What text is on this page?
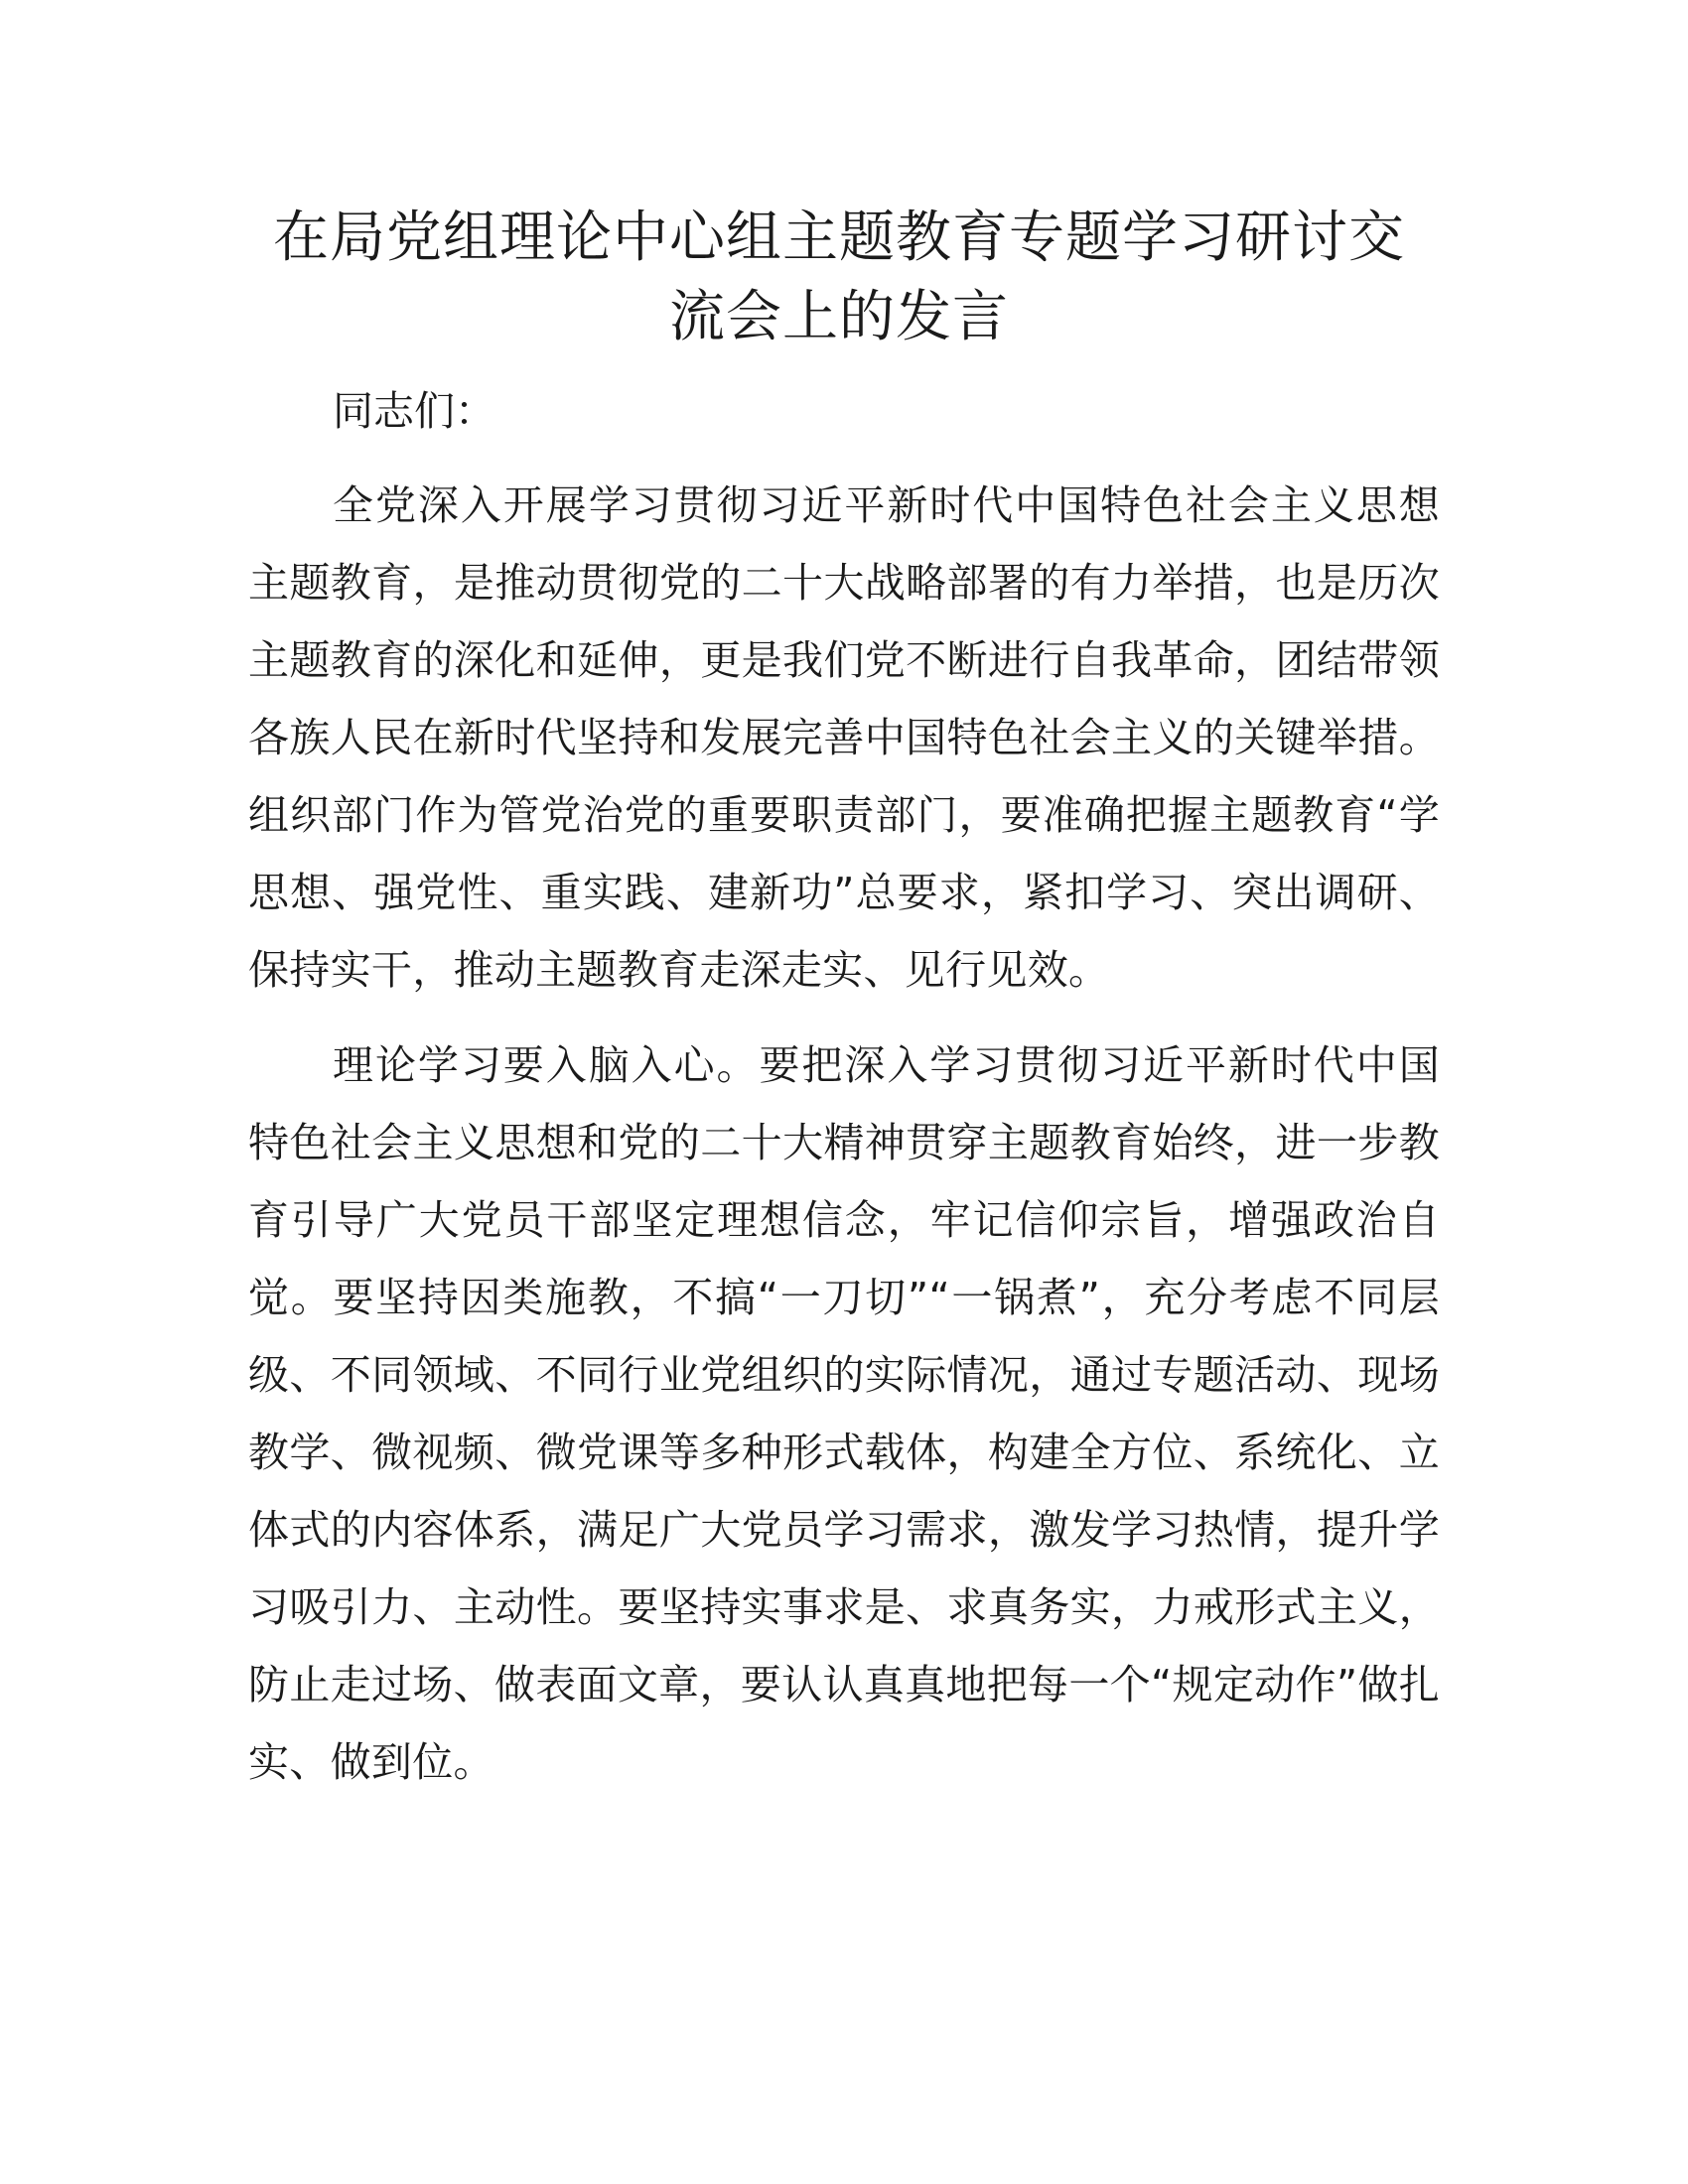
在局党组理论中心组主题教育专题学习研讨交流会上的发言

同志们：

全党深入开展学习贯彻习近平新时代中国特色社会主义思想主题教育，是推动贯彻党的二十大战略部署的有力举措，也是历次主题教育的深化和延伸，更是我们党不断进行自我革命，团结带领各族人民在新时代坚持和发展完善中国特色社会主义的关键举措。组织部门作为管党治党的重要职责部门，要准确把握主题教育“学思想、强党性、重实践、建新功”总要求，紧扣学习、突出调研、保持实干，推动主题教育走深走实、见行见效。

理论学习要入脑入心。要把深入学习贯彻习近平新时代中国特色社会主义思想和党的二十大精神贯穿主题教育始终，进一步教育引导广大党员干部坚定理想信念，牢记信仰宗旨，增强政治自觉。要坚持因类施教，不搞“一刀切”“一锅煮”，充分考虑不同层级、不同领域、不同行业党组织的实际情况，通过专题活动、现场教学、微视频、微党课等多种形式载体，构建全方位、系统化、立体式的内容体系，满足广大党员学习需求，激发学习热情，提升学习吸引力、主动性。要坚持实事求是、求真务实，力戒形式主义，防止走过场、做表面文章，要认认真真地把每一个“规定动作”做扎实、做到位。
